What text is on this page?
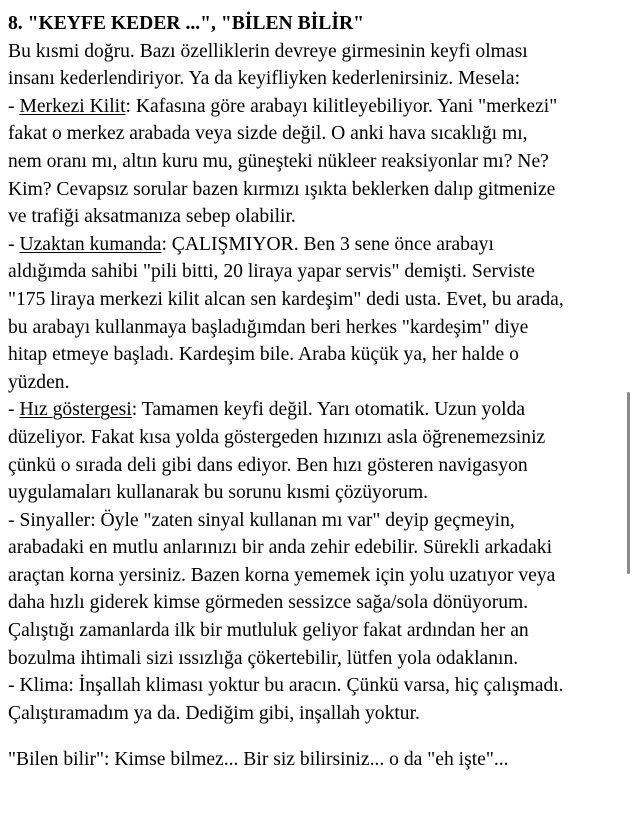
8. "KEYFE KEDER ...", "BİLEN BİLİR"

Bu kısmi doğru. Bazı özelliklerin devreye girmesinin keyfi olması
insanı kederlendiriyor. Ya da keyifliyken kederlenirsiniz. Mesela:

- Merkezi Kilit: Kafasına göre arabayı kilitleyebiliyor. Yani "merkezi"
fakat o merkez arabada veya sizde değil. O anki hava sıcaklığı mı,
nem oranı mı, altın kuru mu, güneşteki nükleer reaksiyonlar mı? Ne?
Kim? Cevapsız sorular bazen kırmızı ışıkta beklerken dalıp gitmenize
ve trafiği aksatmanıza sebep olabilir.

- Uzaktan kumanda: ÇALIŞMIYOR. Ben 3 sene önce arabayı
aldığımda sahibi "pili bitti, 20 liraya yapar servis" demişti. Serviste
"175 liraya merkezi kilit alcan sen kardeşim" dedi usta. Evet, bu arada,
bu arabayı kullanmaya başladığımdan beri herkes "kardeşim" diye
hitap etmeye başladı. Kardeşim bile. Araba küçük ya, her halde o
yüzden.

- Hız göstergesi: Tamamen keyfi değil. Yarı otomatik. Uzun yolda
düzeliyor. Fakat kısa yolda göstergeden hızınızı asla öğrenemezsiniz
çünkü o sırada deli gibi dans ediyor. Ben hızı gösteren navigasyon
uygulamaları kullanarak bu sorunu kısmi çözüyorum.

- Sinyaller: Öyle "zaten sinyal kullanan mı var" deyip geçmeyin,
arabadaki en mutlu anlarınızı bir anda zehir edebilir. Sürekli arkadaki
araçtan korna yersiniz. Bazen korna yememek için yolu uzatıyor veya
daha hızlı giderek kimse görmeden sessizce sağa/sola dönüyorum.
Çalıştığı zamanlarda ilk bir mutluluk geliyor fakat ardından her an
bozulma ihtimali sizi ıssızlığa çökertebilir, lütfen yola odaklanın.

- Klima: İnşallah kliması yoktur bu aracın. Çünkü varsa, hiç çalışmadı.
Çalıştıramadım ya da. Dediğim gibi, inşallah yoktur.

"Bilen bilir": Kimse bilmez... Bir siz bilirsiniz... o da "eh işte"...
